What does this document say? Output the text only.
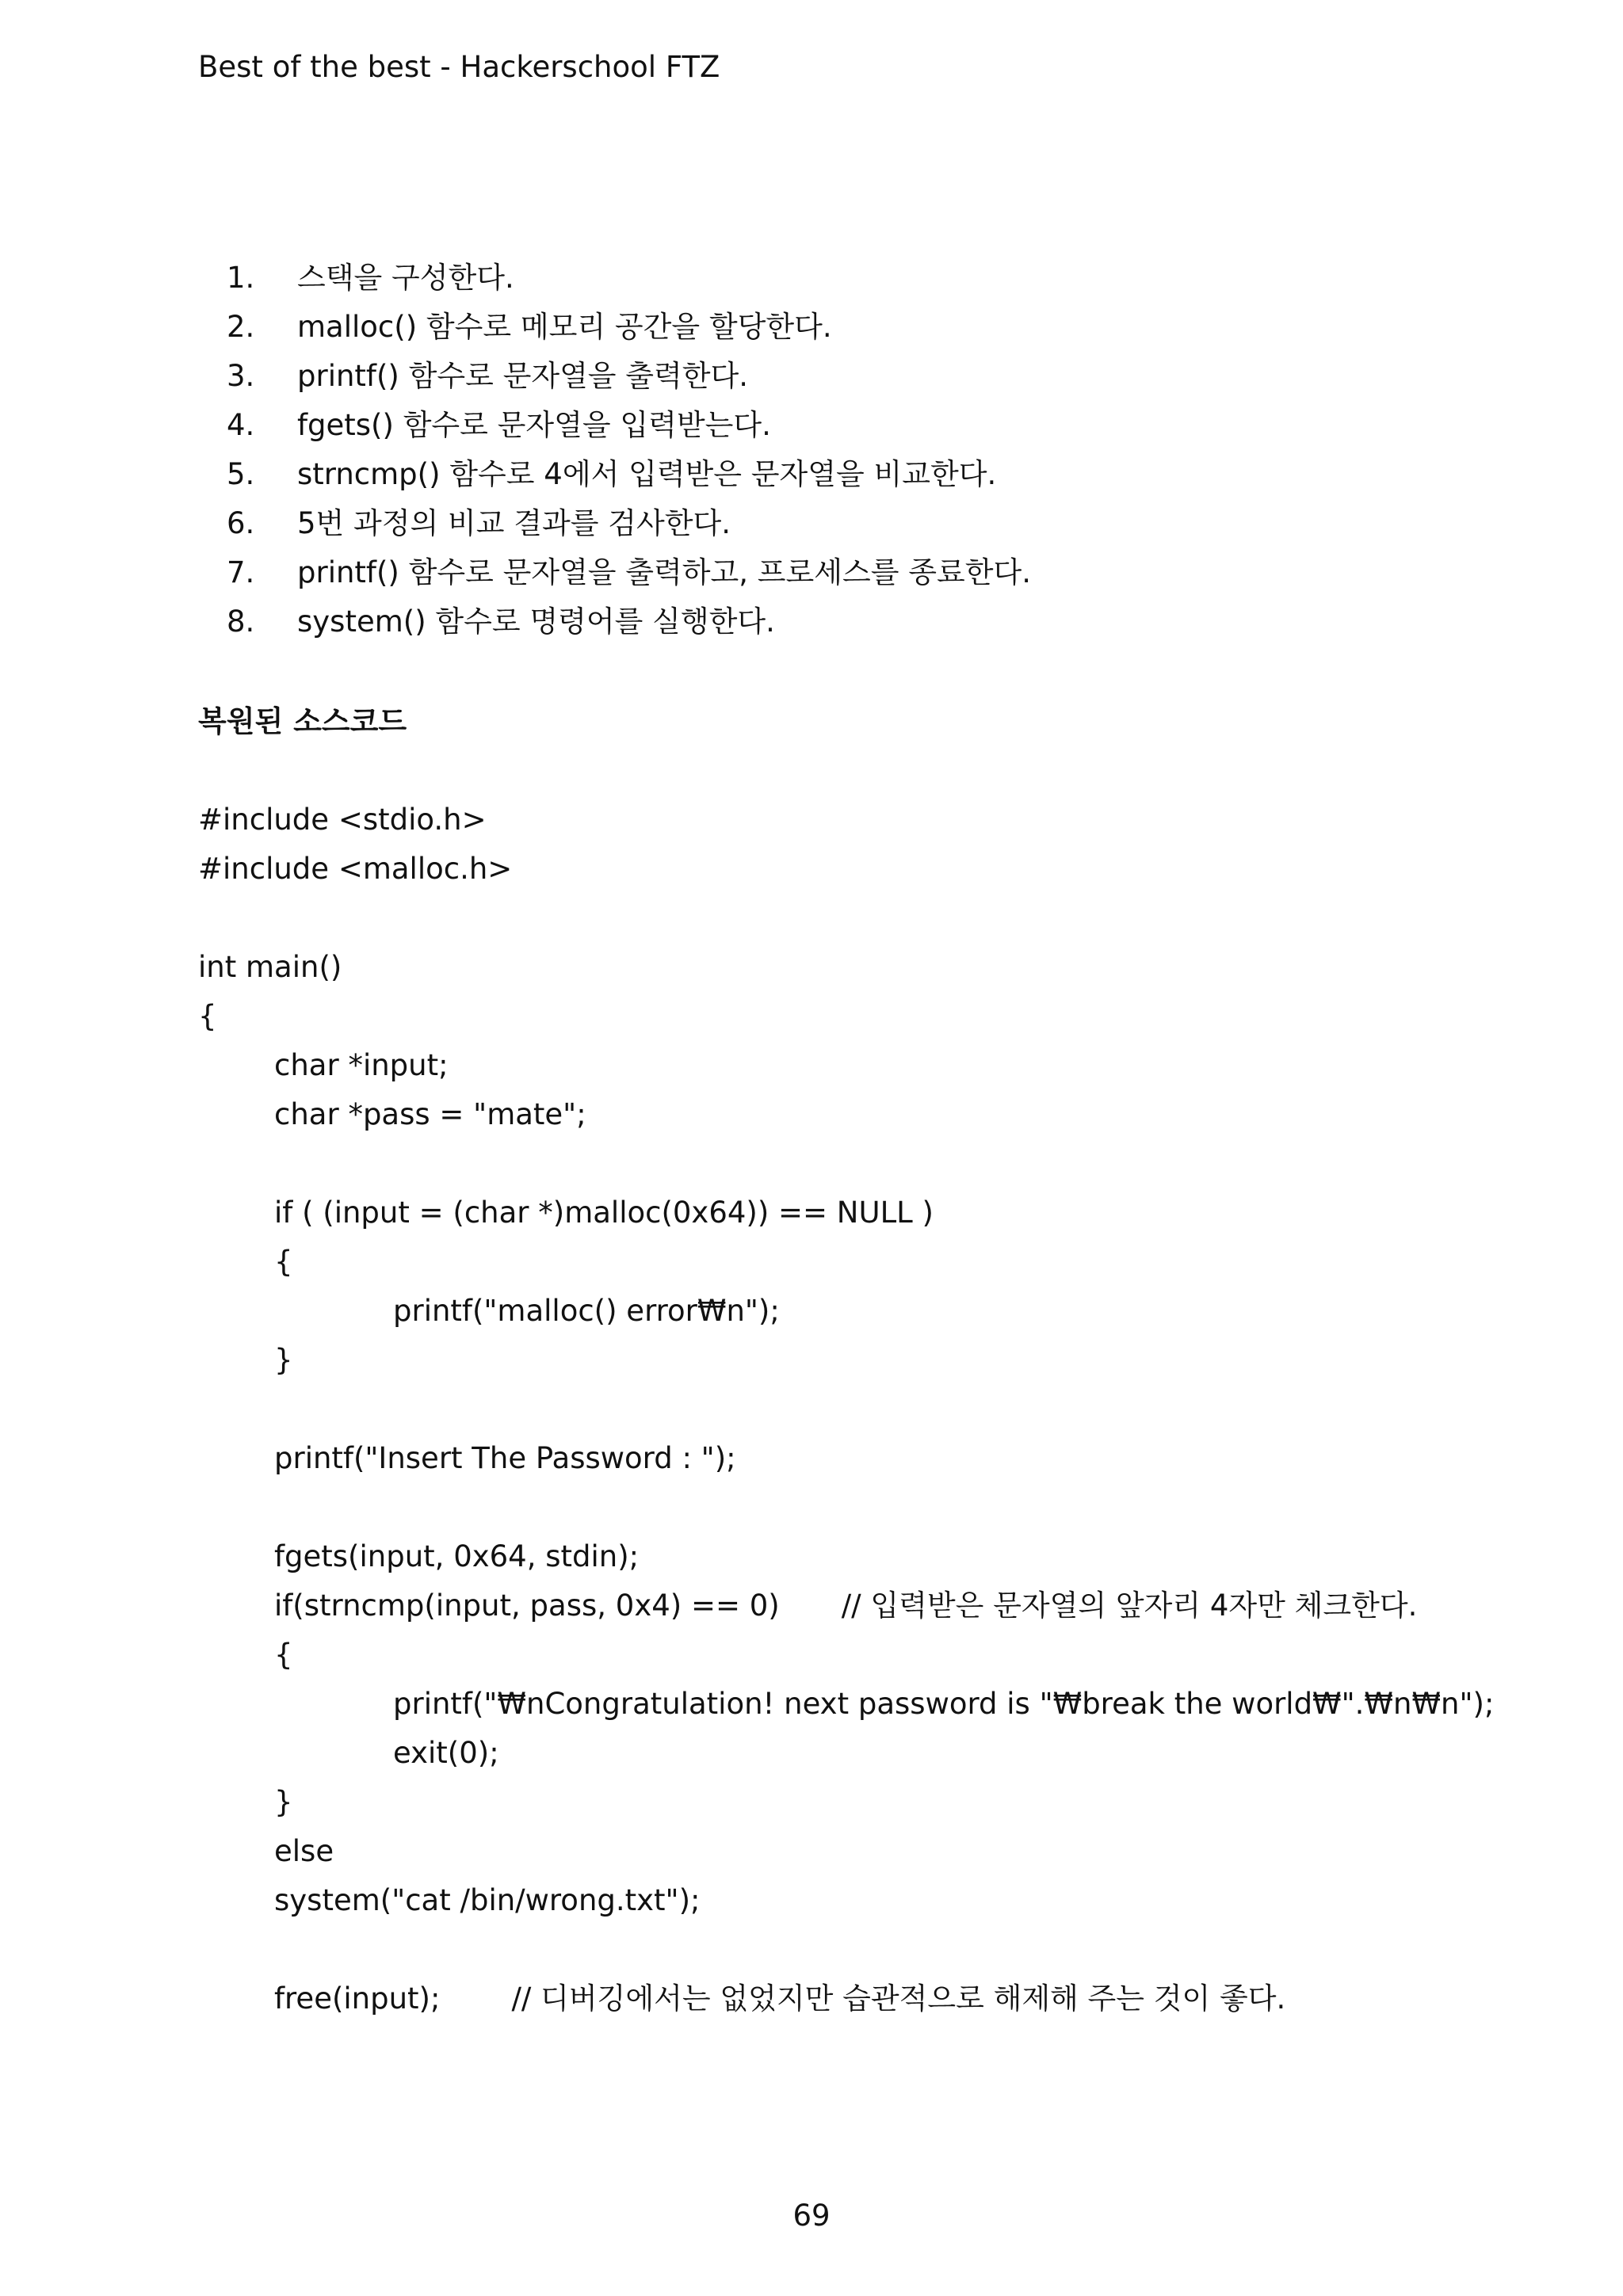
Best of the best - Hackerschool FTZ
1. 스택을 구성한다.
2. malloc() 함수로 메모리 공간을 할당한다.
3. printf() 함수로 문자열을 출력한다.
4. fgets() 함수로 문자열을 입력받는다.
5. strncmp() 함수로 4에서 입력받은 문자열을 비교한다.
6. 5번 과정의 비교 결과를 검사한다.
7. printf() 함수로 문자열을 출력하고, 프로세스를 종료한다.
8. system() 함수로 명령어를 실행한다.
복원된 소스코드
#include <stdio.h>
#include <malloc.h>
int main()
{
char *input;
char *pass = "mate";
if ( (input = (char *)malloc(0x64)) == NULL )
{
printf("malloc() error₩n");
}
printf("Insert The Password : ");
fgets(input, 0x64, stdin);
if(strncmp(input, pass, 0x4) == 0) // 입력받은 문자열의 앞자리 4자만 체크한다.
{
printf("₩nCongratulation! next password is "₩break the world₩".₩n₩n");
exit(0);
}
else
system("cat /bin/wrong.txt");
free(input); // 디버깅에서는 없었지만 습관적으로 해제해 주는 것이 좋다.
69
